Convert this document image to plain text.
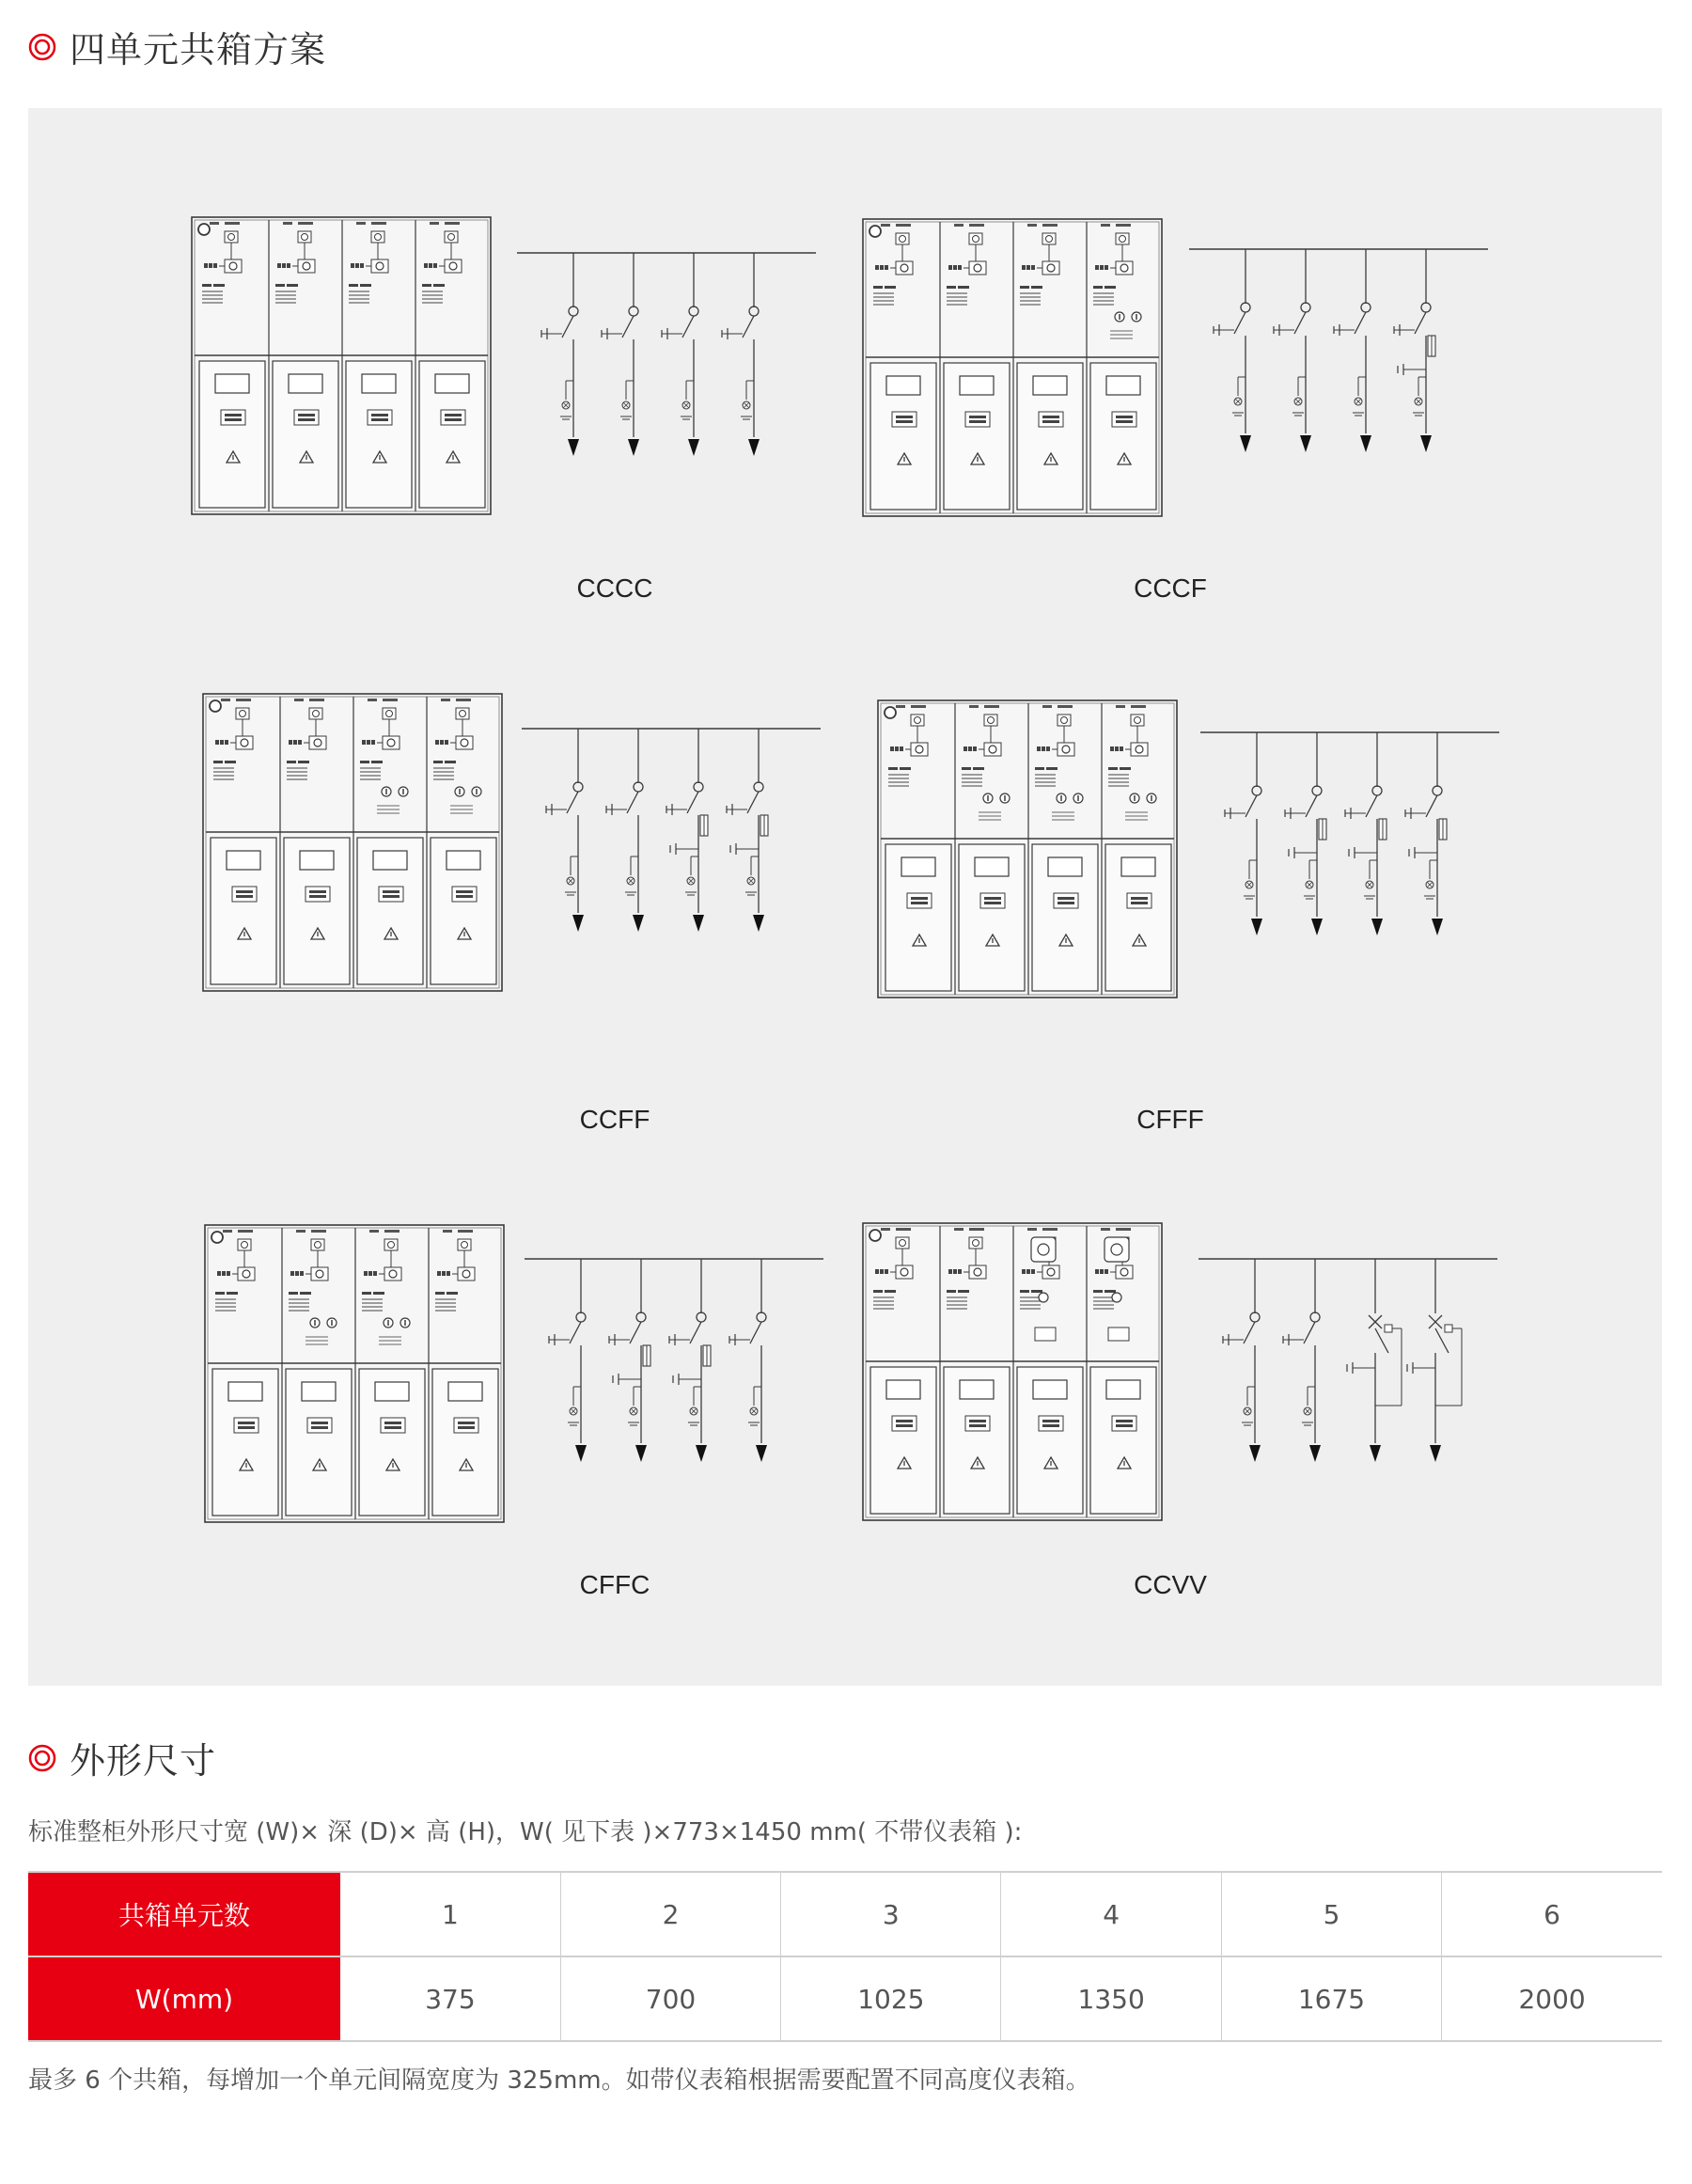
四单元共箱方案
CCCC	CCCF
CCFF	CFFF
CFFC	CCVV
外形尺寸
标准整柜外形尺寸宽 (W)× 深 (D)× 高 (H)，W( 见下表 )×773×1450 mm( 不带仪表箱 ):
共箱单元数	1	2	3	4	5	6
W(mm)	375	700	1025	1350	1675	2000
最多 6 个共箱，每增加一个单元间隔宽度为 325mm。如带仪表箱根据需要配置不同高度仪表箱。
